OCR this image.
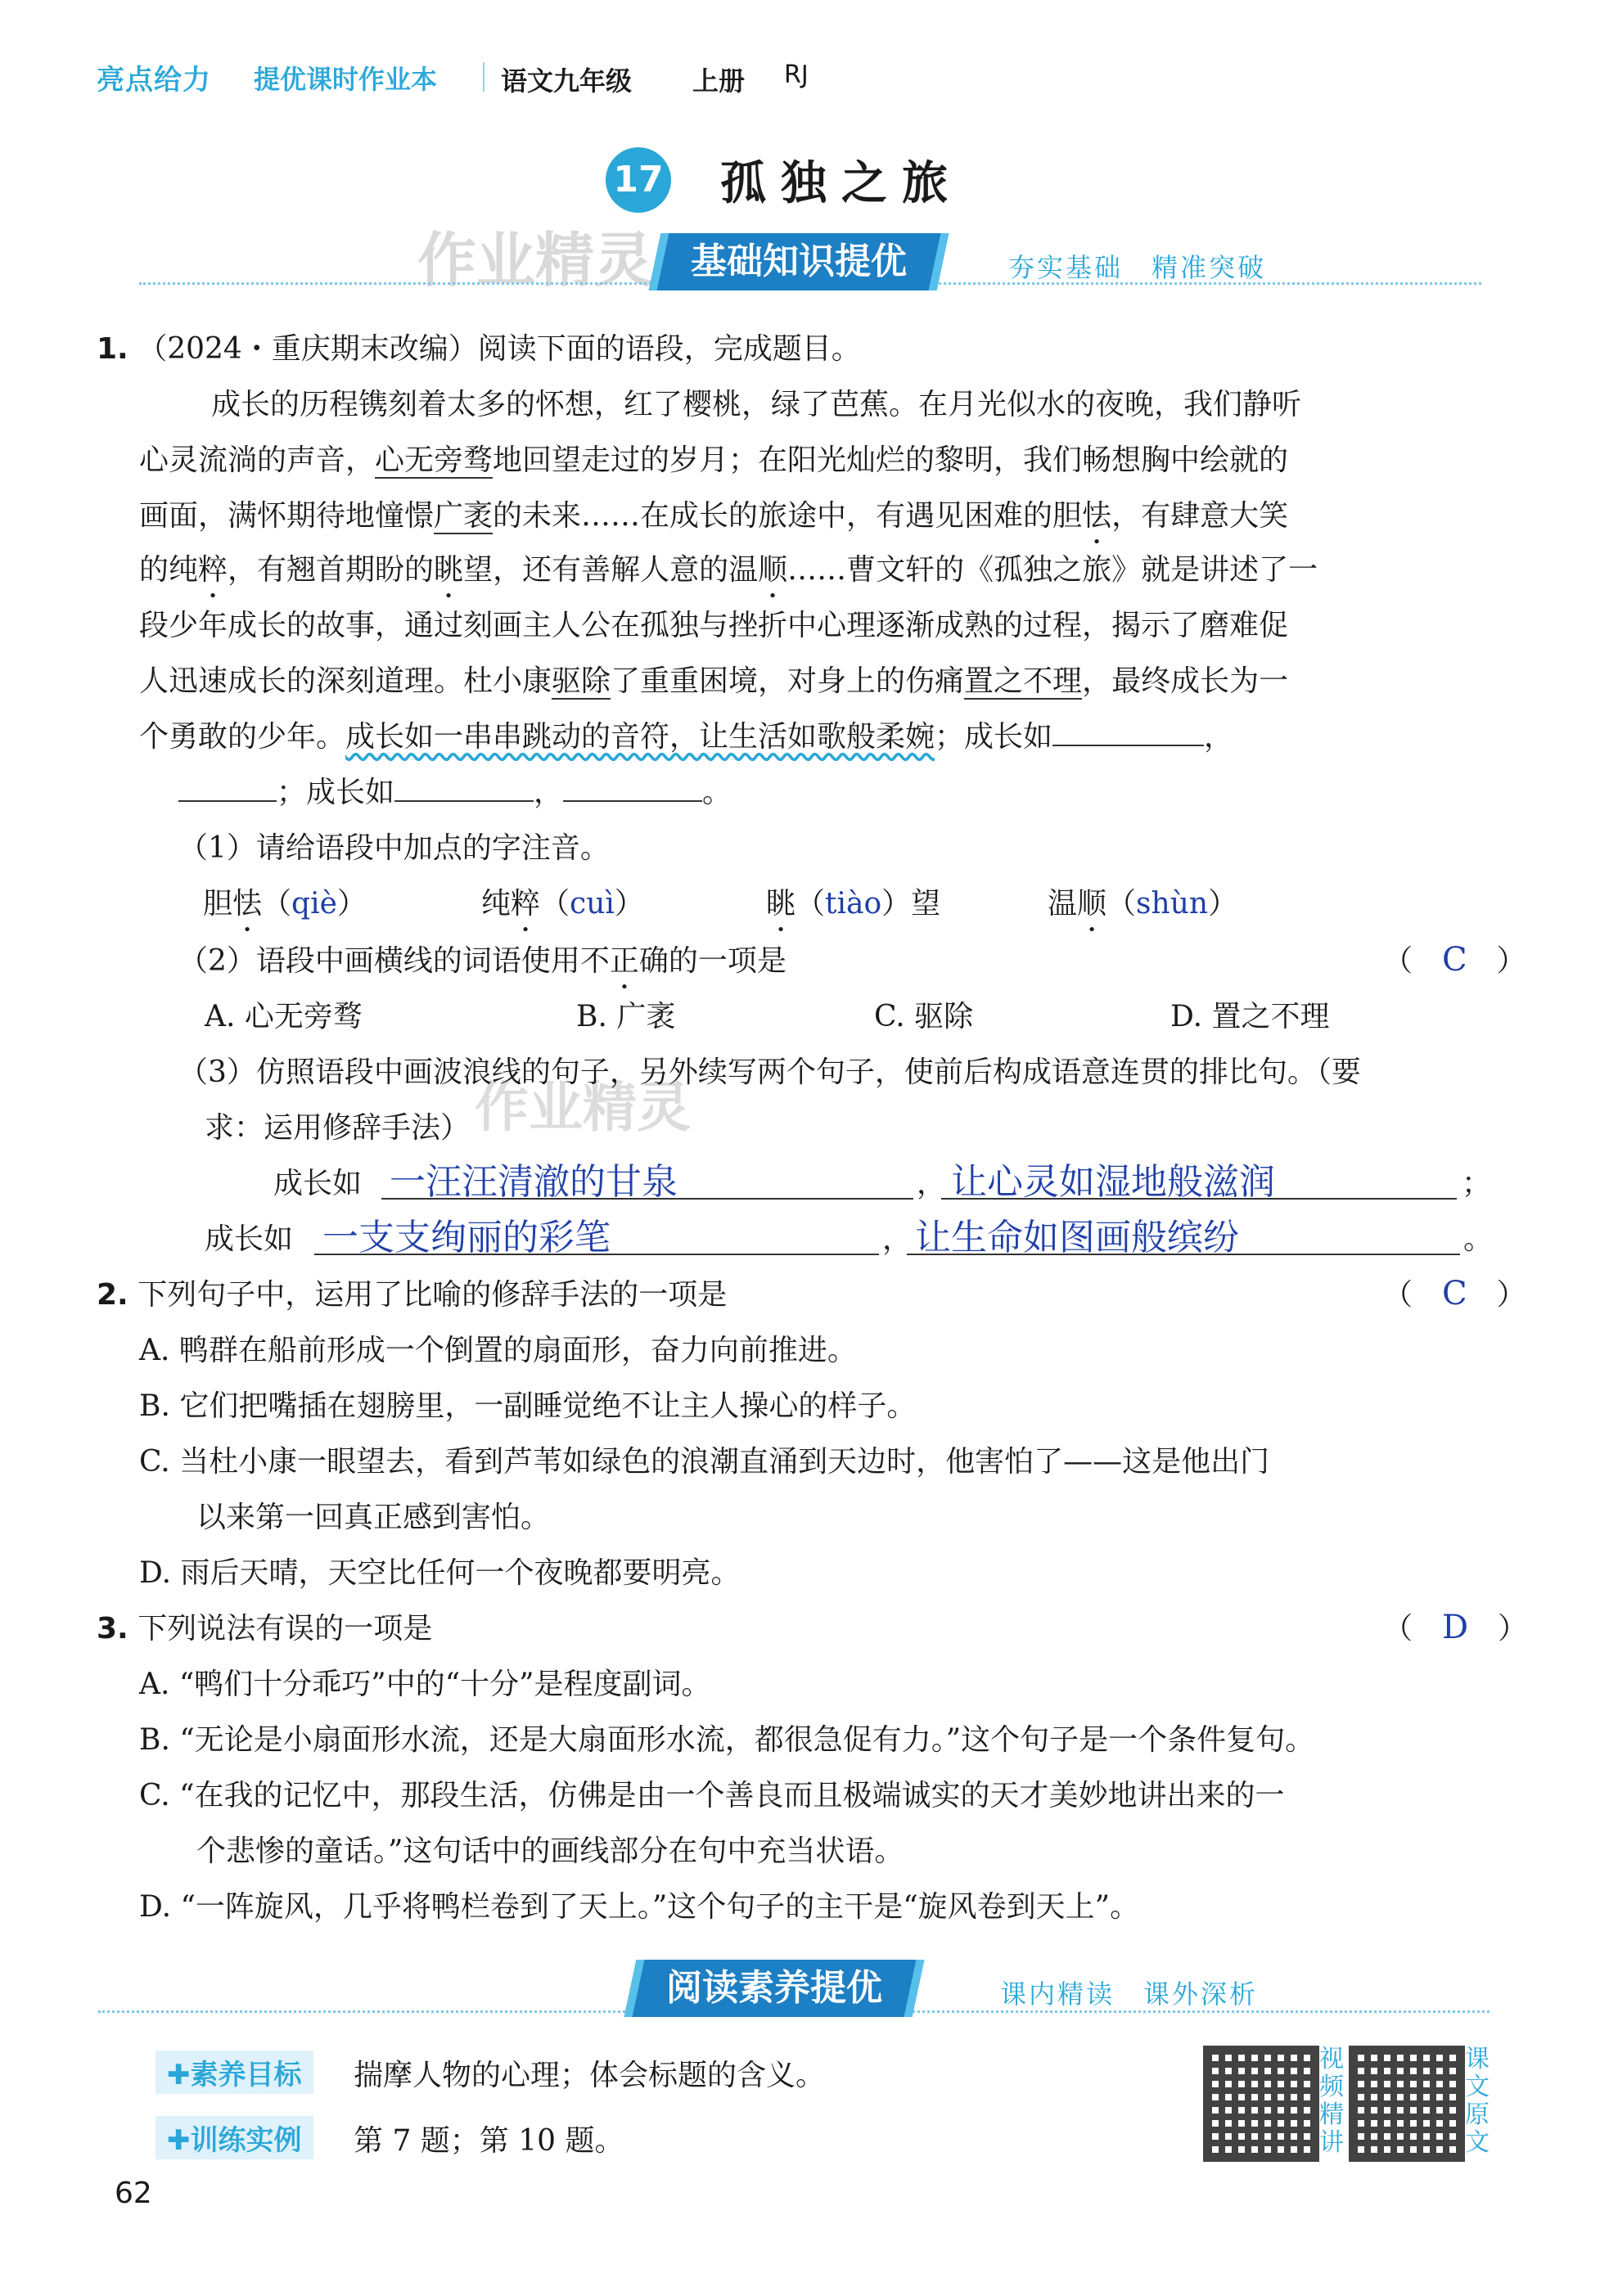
亮点给力 提优课时作业本 语文九年级 上册 RJ
17 孤独之旅
作业精灵	基础知识提优	夯实基础　精准突破
1. （2024・重庆期末改编）阅读下面的语段，完成题目。
成长的历程镌刻着太多的怀想，红了樱桃，绿了芭蕉。在月光似水的夜晚，我们静听
心灵流淌的声音，心无旁骛地回望走过的岁月；在阳光灿烂的黎明，我们畅想胸中绘就的
画面，满怀期待地憧憬广袤的未来……在成长的旅途中，有遇见困难的胆怯，有肆意大笑
的纯粹，有翘首期盼的眺望，还有善解人意的温顺……曹文轩的《孤独之旅》就是讲述了一
段少年成长的故事，通过刻画主人公在孤独与挫折中心理逐渐成熟的过程，揭示了磨难促
人迅速成长的深刻道理。杜小康驱除了重重困境，对身上的伤痛置之不理，最终成长为一
个勇敢的少年。成长如一串串跳动的音符，让生活如歌般柔婉；成长如	，
；成长如	，	。
（1）请给语段中加点的字注音。
胆怯（qiè）	纯粹（cuì）	眺（tiào）望	温顺（shùn）
（2）语段中画横线的词语使用不正确的一项是	（　C　）
A. 心无旁骛	B. 广袤	C. 驱除	D. 置之不理
作业精灵
（3）仿照语段中画波浪线的句子，另外续写两个句子，使前后构成语意连贯的排比句。（要
求：运用修辞手法）
成长如 一汪汪清澈的甘泉	， 让心灵如湿地般滋润	；
成长如 一支支绚丽的彩笔	， 让生命如图画般缤纷	。
2. 下列句子中，运用了比喻的修辞手法的一项是	（　C　）
A. 鸭群在船前形成一个倒置的扇面形，奋力向前推进。
B. 它们把嘴插在翅膀里，一副睡觉绝不让主人操心的样子。
C. 当杜小康一眼望去，看到芦苇如绿色的浪潮直涌到天边时，他害怕了——这是他出门
以来第一回真正感到害怕。
D. 雨后天晴，天空比任何一个夜晚都要明亮。
3. 下列说法有误的一项是	（　D　）
A. “鸭们十分乖巧”中的“十分”是程度副词。
B. “无论是小扇面形水流，还是大扇面形水流，都很急促有力。”这个句子是一个条件复句。
C. “在我的记忆中，那段生活，仿佛是由一个善良而且极端诚实的天才美妙地讲出来的一
个悲惨的童话。”这句话中的画线部分在句中充当状语。
D. “一阵旋风，几乎将鸭栏卷到了天上。”这个句子的主干是“旋风卷到天上”。
阅读素养提优	课内精读　课外深析
✚素养目标	揣摩人物的心理；体会标题的含义。
✚训练实例	第 7 题；第 10 题。
视频精讲
课文原文
62
